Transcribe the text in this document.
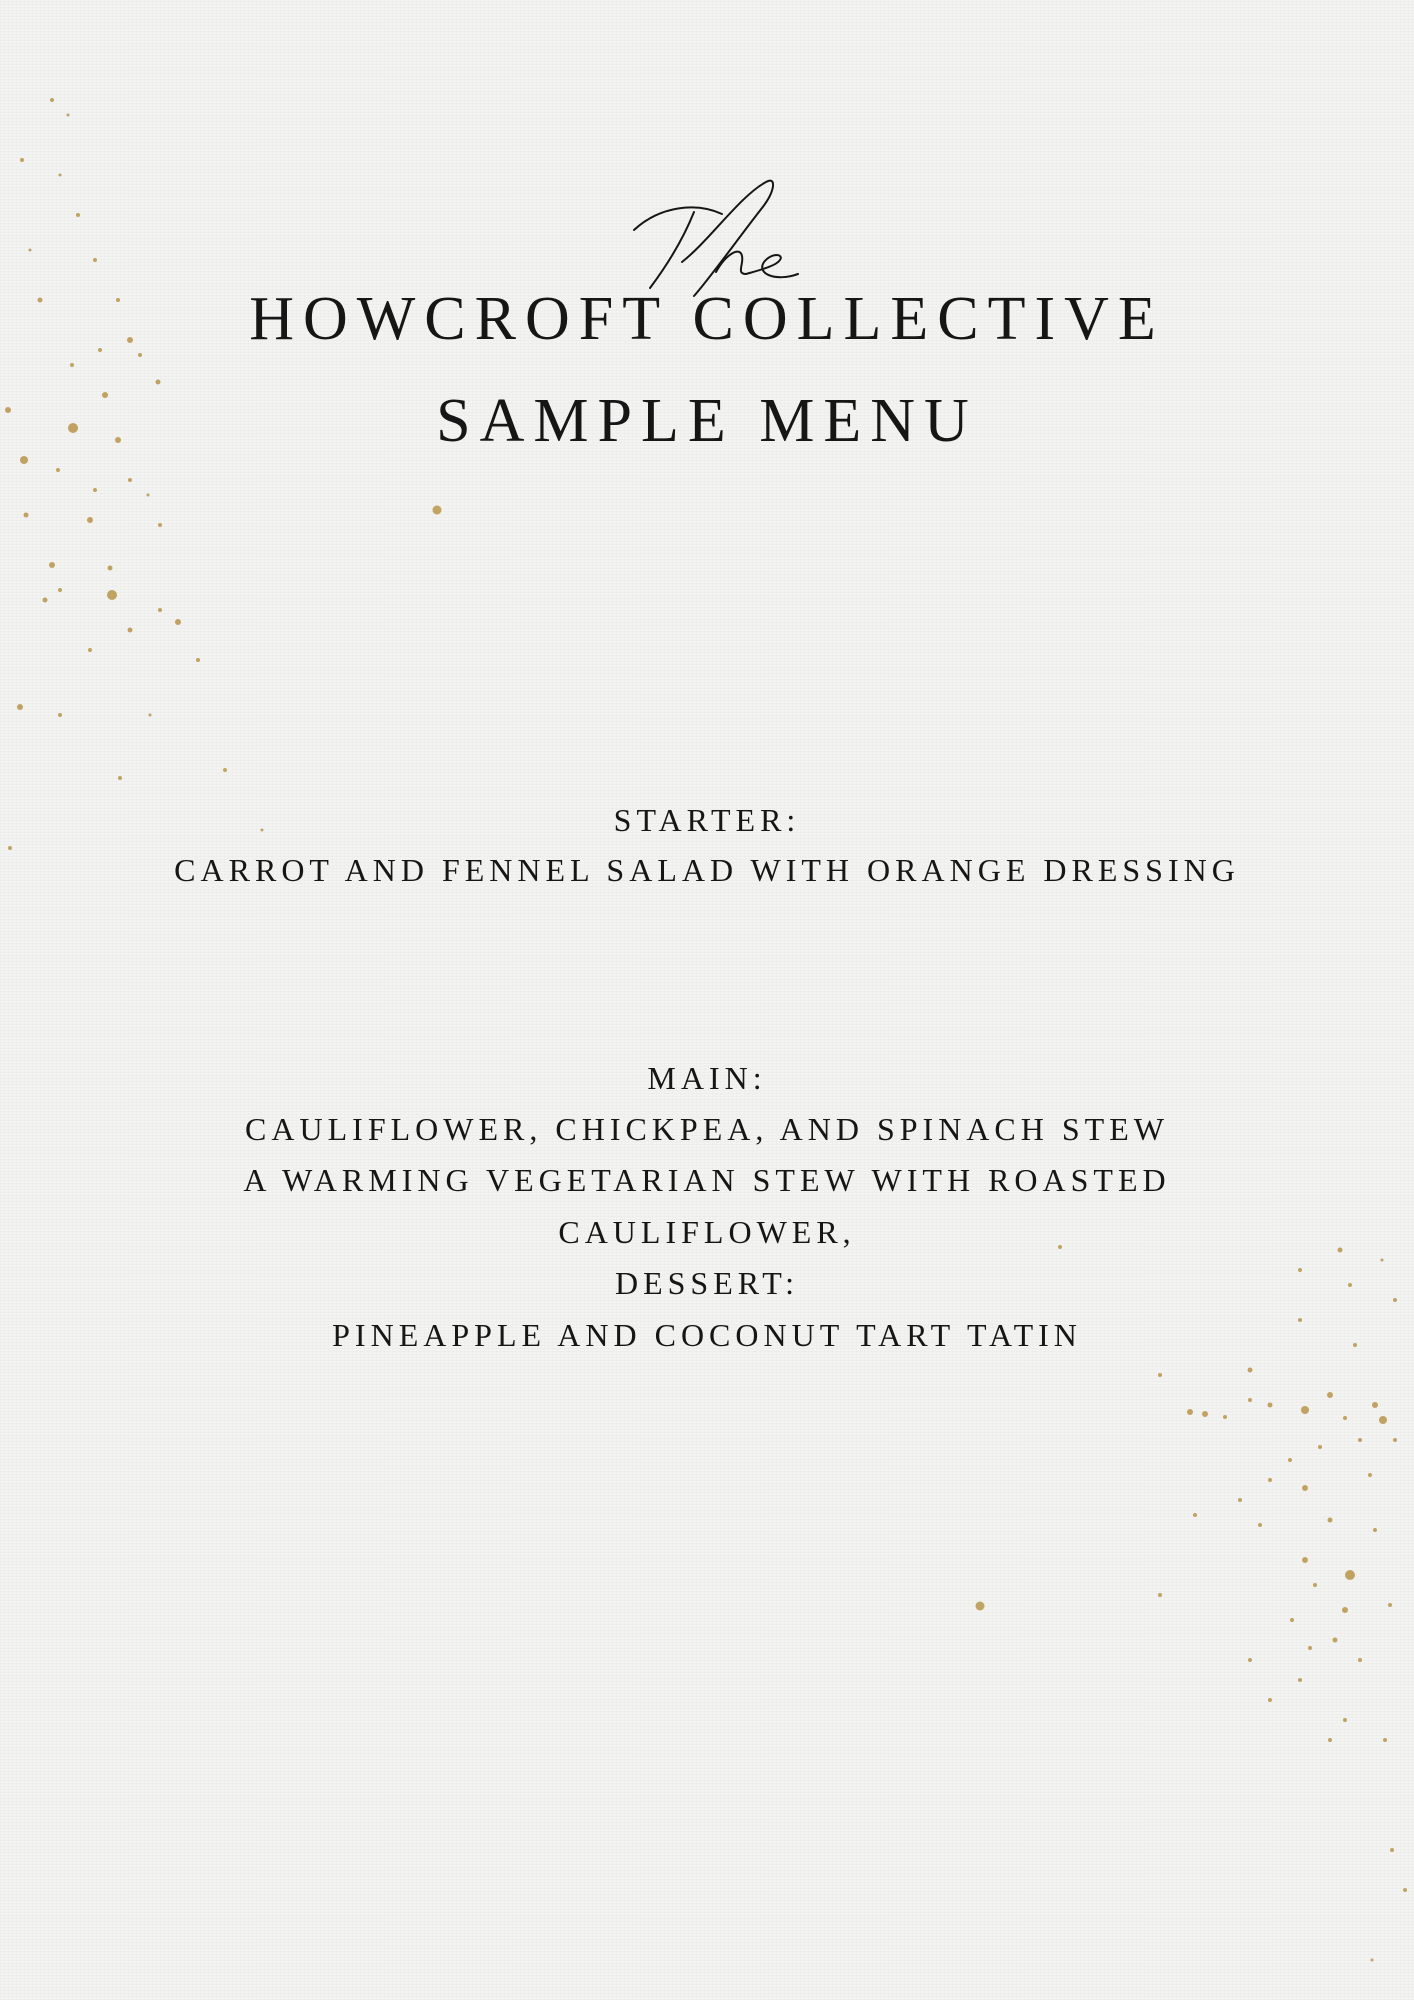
HOWCROFT COLLECTIVE
SAMPLE MENU
STARTER:
CARROT AND FENNEL SALAD WITH ORANGE DRESSING
MAIN:
CAULIFLOWER, CHICKPEA, AND SPINACH STEW
A WARMING VEGETARIAN STEW WITH ROASTED
CAULIFLOWER,
DESSERT:
PINEAPPLE AND COCONUT TART TATIN
